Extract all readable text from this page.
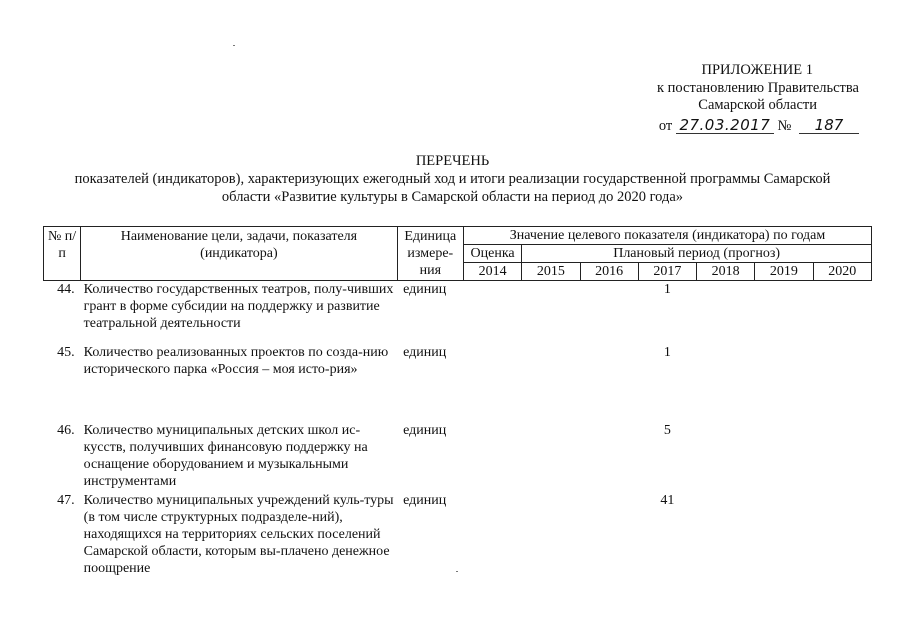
ПРИЛОЖЕНИЕ 1
к постановлению Правительства
Самарской области
от 27.03.2017 № 187
ПЕРЕЧЕНЬ
показателей (индикаторов), характеризующих ежегодный ход и итоги реализации государственной программы Самарской области «Развитие культуры в Самарской области на период до 2020 года»
№ п/п	Наименование цели, задачи, показателя (индикатора)	Единица измере-ния	Значение целевого показателя (индикатора) по годам						
			Оценка	Плановый период (прогноз)					
			2014	2015	2016	2017	2018	2019	2020
44.	Количество государственных театров, полу-чивших грант в форме субсидии на поддержку и развитие театральной деятельности	единиц				1			
45.	Количество реализованных проектов по созда-нию исторического парка «Россия – моя исто-рия»	единиц				1			
46.	Количество муниципальных детских школ ис-кусств, получивших финансовую поддержку на оснащение оборудованием и музыкальными инструментами	единиц				5			
47.	Количество муниципальных учреждений куль-туры (в том числе структурных подразделе-ний), находящихся на территориях сельских поселений Самарской области, которым вы-плачено денежное поощрение	единиц				41			
